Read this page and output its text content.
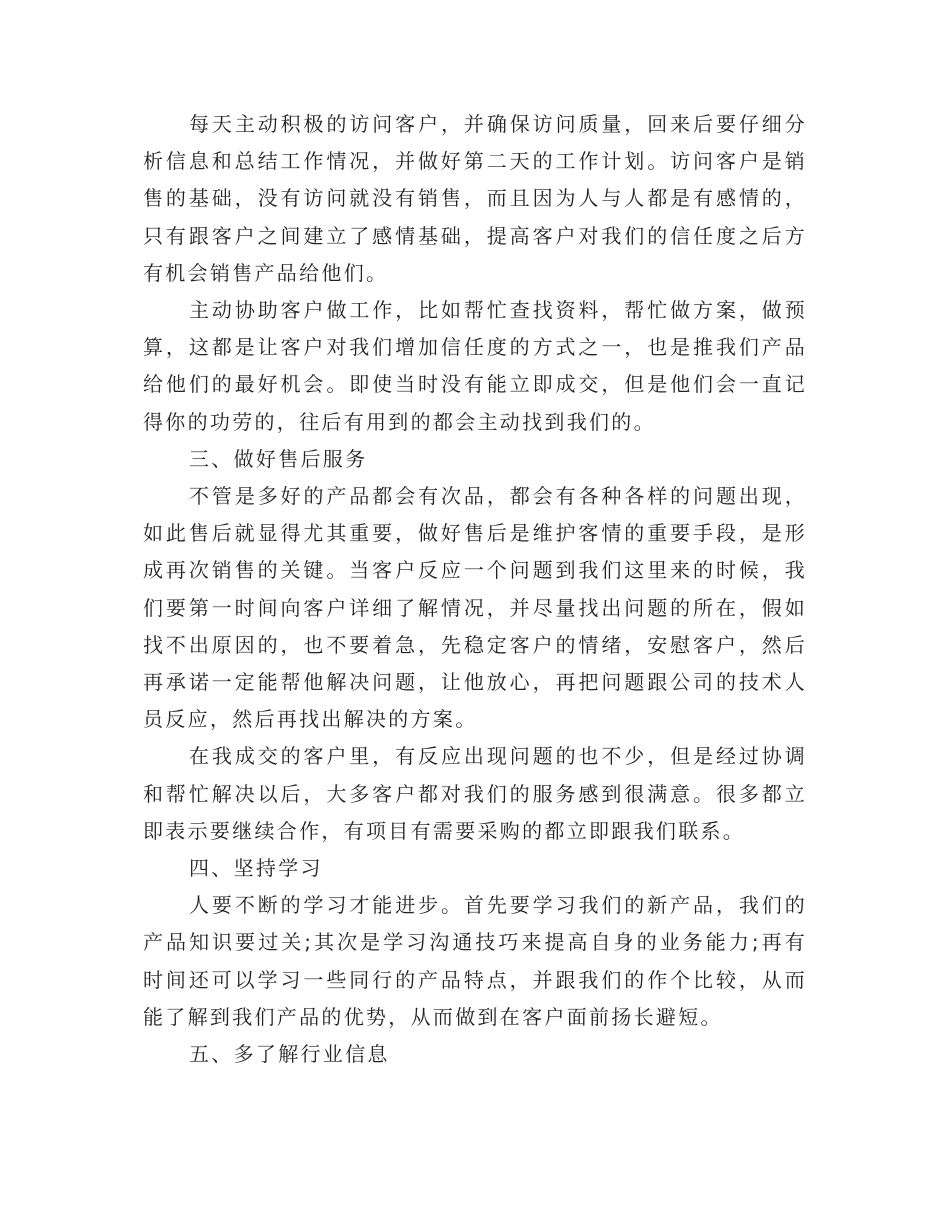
每天主动积极的访问客户，并确保访问质量，回来后要仔细分析信息和总结工作情况，并做好第二天的工作计划。访问客户是销售的基础，没有访问就没有销售，而且因为人与人都是有感情的，只有跟客户之间建立了感情基础，提高客户对我们的信任度之后方有机会销售产品给他们。

主动协助客户做工作，比如帮忙查找资料，帮忙做方案，做预算，这都是让客户对我们增加信任度的方式之一，也是推我们产品给他们的最好机会。即使当时没有能立即成交，但是他们会一直记得你的功劳的，往后有用到的都会主动找到我们的。

三、做好售后服务

不管是多好的产品都会有次品，都会有各种各样的问题出现，如此售后就显得尤其重要，做好售后是维护客情的重要手段，是形成再次销售的关键。当客户反应一个问题到我们这里来的时候，我们要第一时间向客户详细了解情况，并尽量找出问题的所在，假如找不出原因的，也不要着急，先稳定客户的情绪，安慰客户，然后再承诺一定能帮他解决问题，让他放心，再把问题跟公司的技术人员反应，然后再找出解决的方案。

在我成交的客户里，有反应出现问题的也不少，但是经过协调和帮忙解决以后，大多客户都对我们的服务感到很满意。很多都立即表示要继续合作，有项目有需要采购的都立即跟我们联系。

四、坚持学习

人要不断的学习才能进步。首先要学习我们的新产品，我们的产品知识要过关;其次是学习沟通技巧来提高自身的业务能力;再有时间还可以学习一些同行的产品特点，并跟我们的作个比较，从而能了解到我们产品的优势，从而做到在客户面前扬长避短。

五、多了解行业信息
